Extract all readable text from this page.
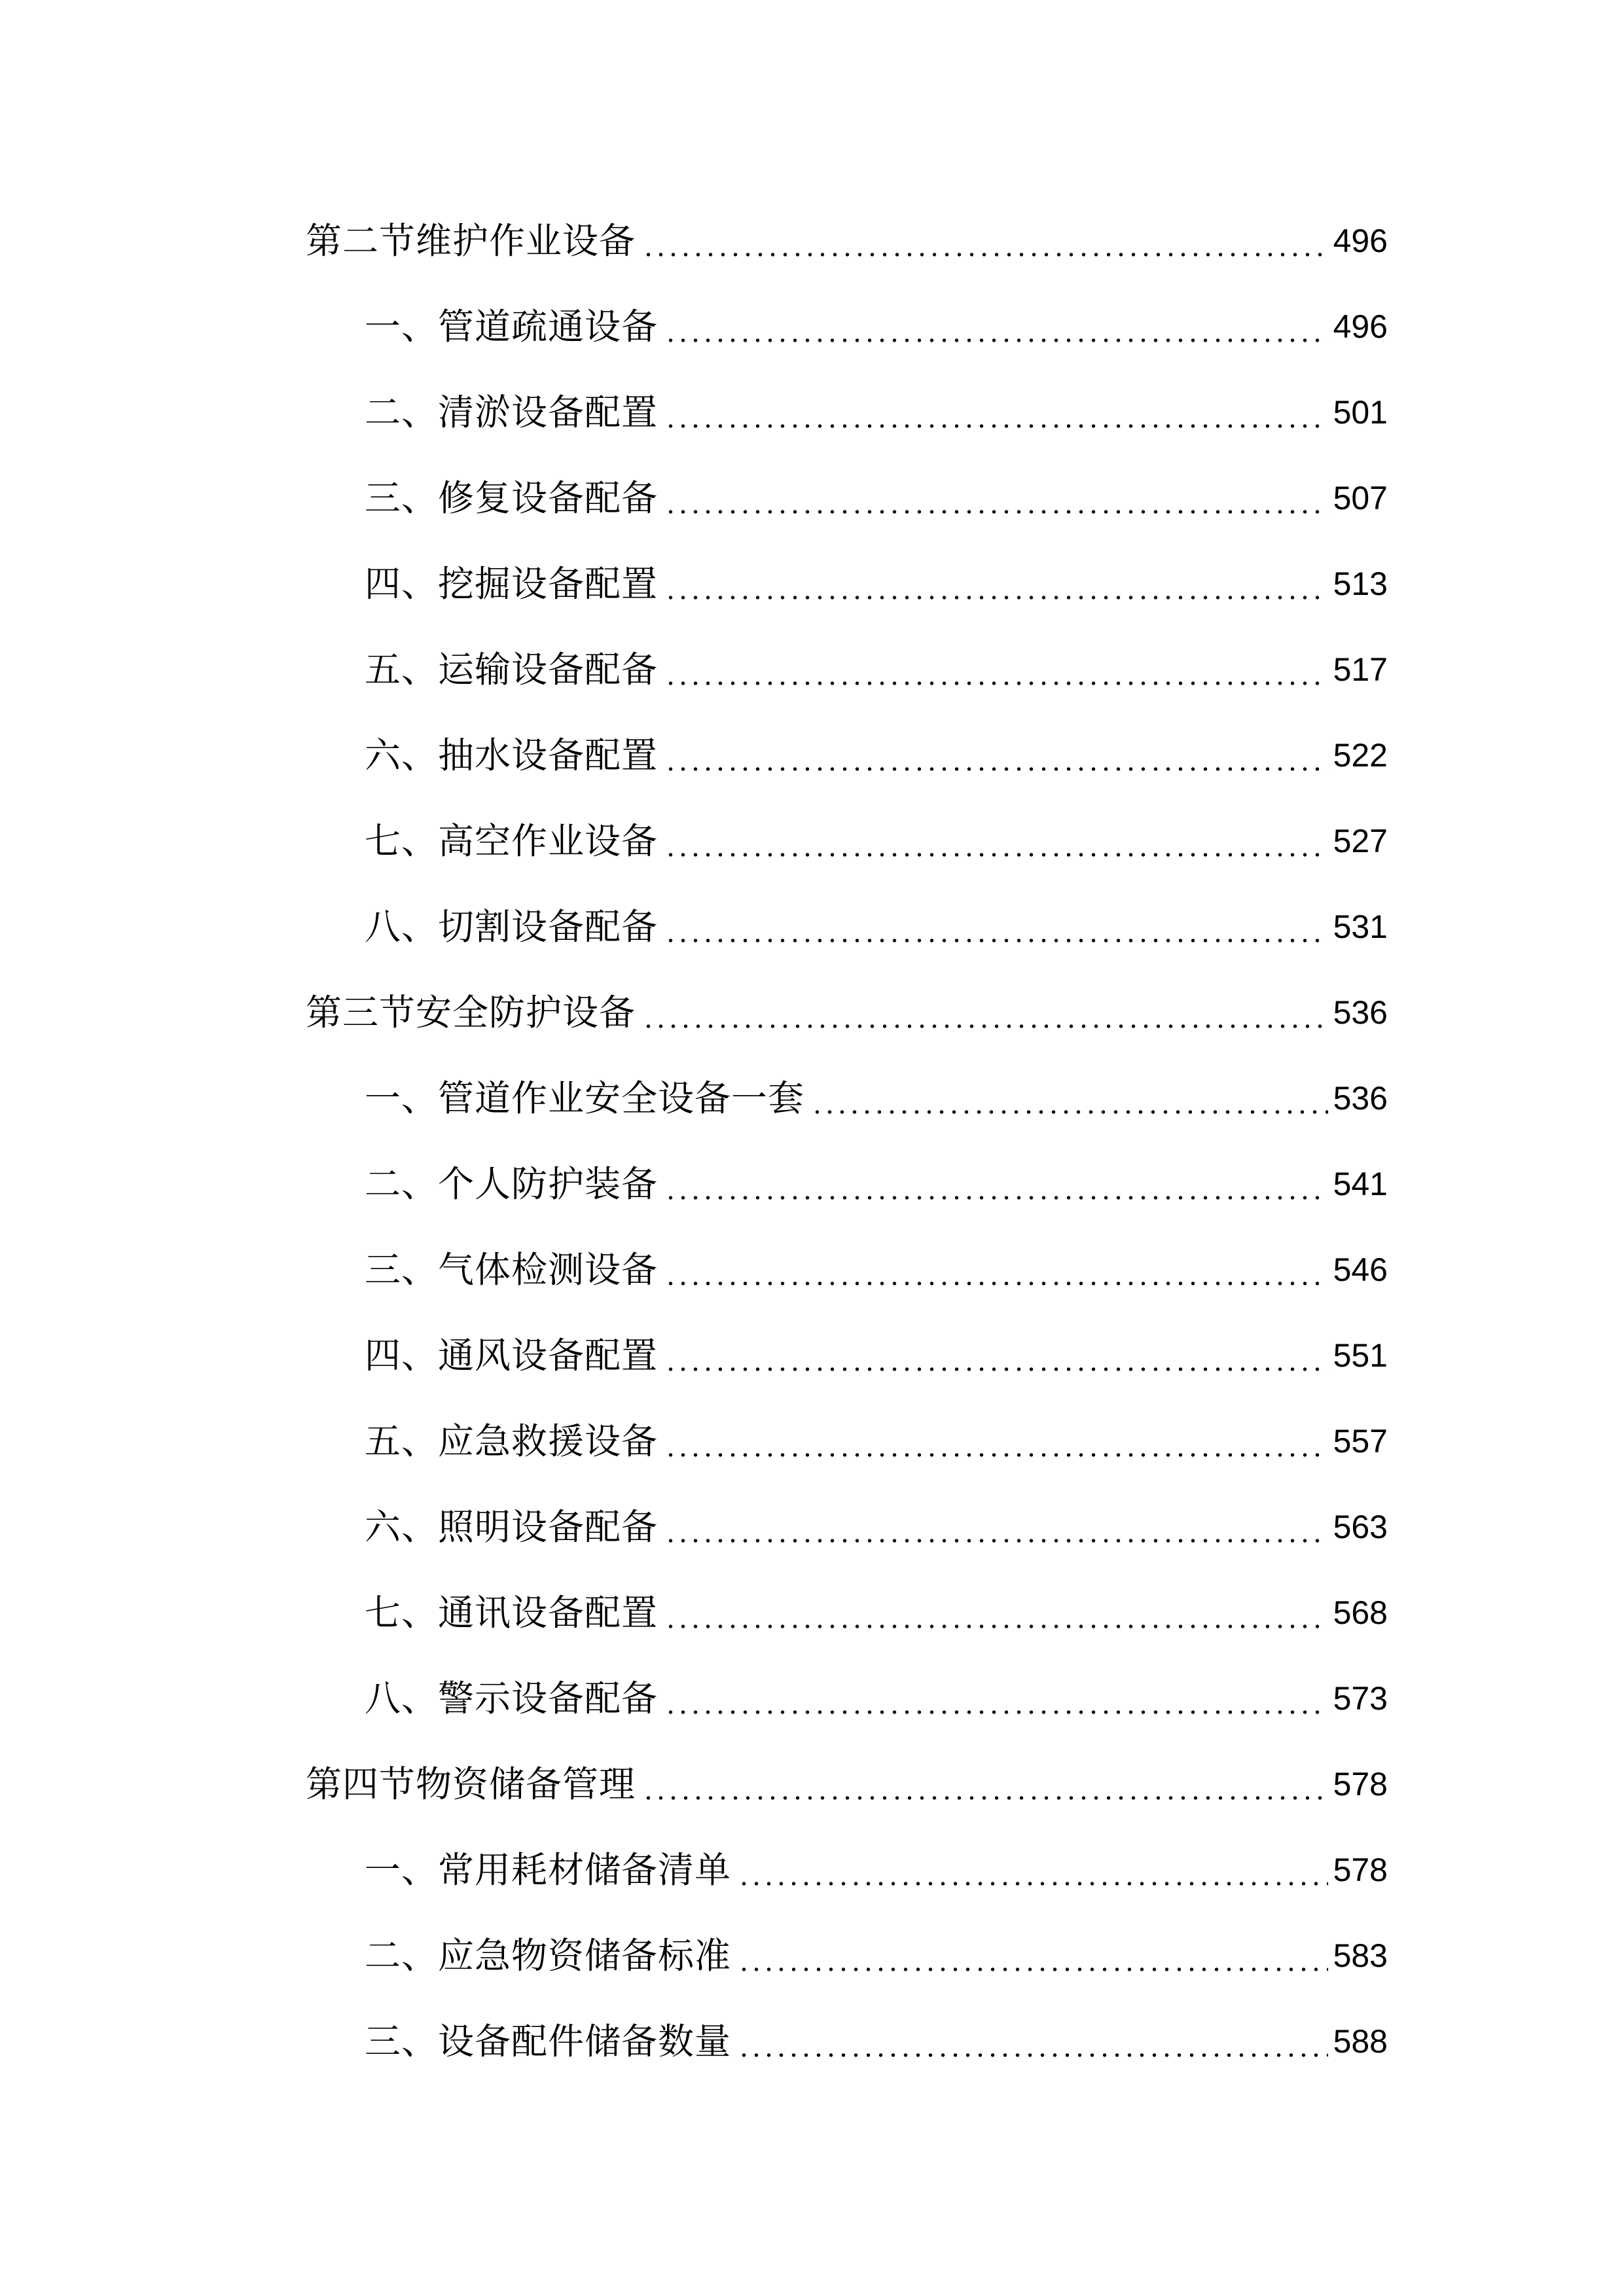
第二节维护作业设备	496
一、管道疏通设备	496
二、清淤设备配置	501
三、修复设备配备	507
四、挖掘设备配置	513
五、运输设备配备	517
六、抽水设备配置	522
七、高空作业设备	527
八、切割设备配备	531
第三节安全防护设备	536
一、管道作业安全设备一套	536
二、个人防护装备	541
三、气体检测设备	546
四、通风设备配置	551
五、应急救援设备	557
六、照明设备配备	563
七、通讯设备配置	568
八、警示设备配备	573
第四节物资储备管理	578
一、常用耗材储备清单	578
二、应急物资储备标准	583
三、设备配件储备数量	588
